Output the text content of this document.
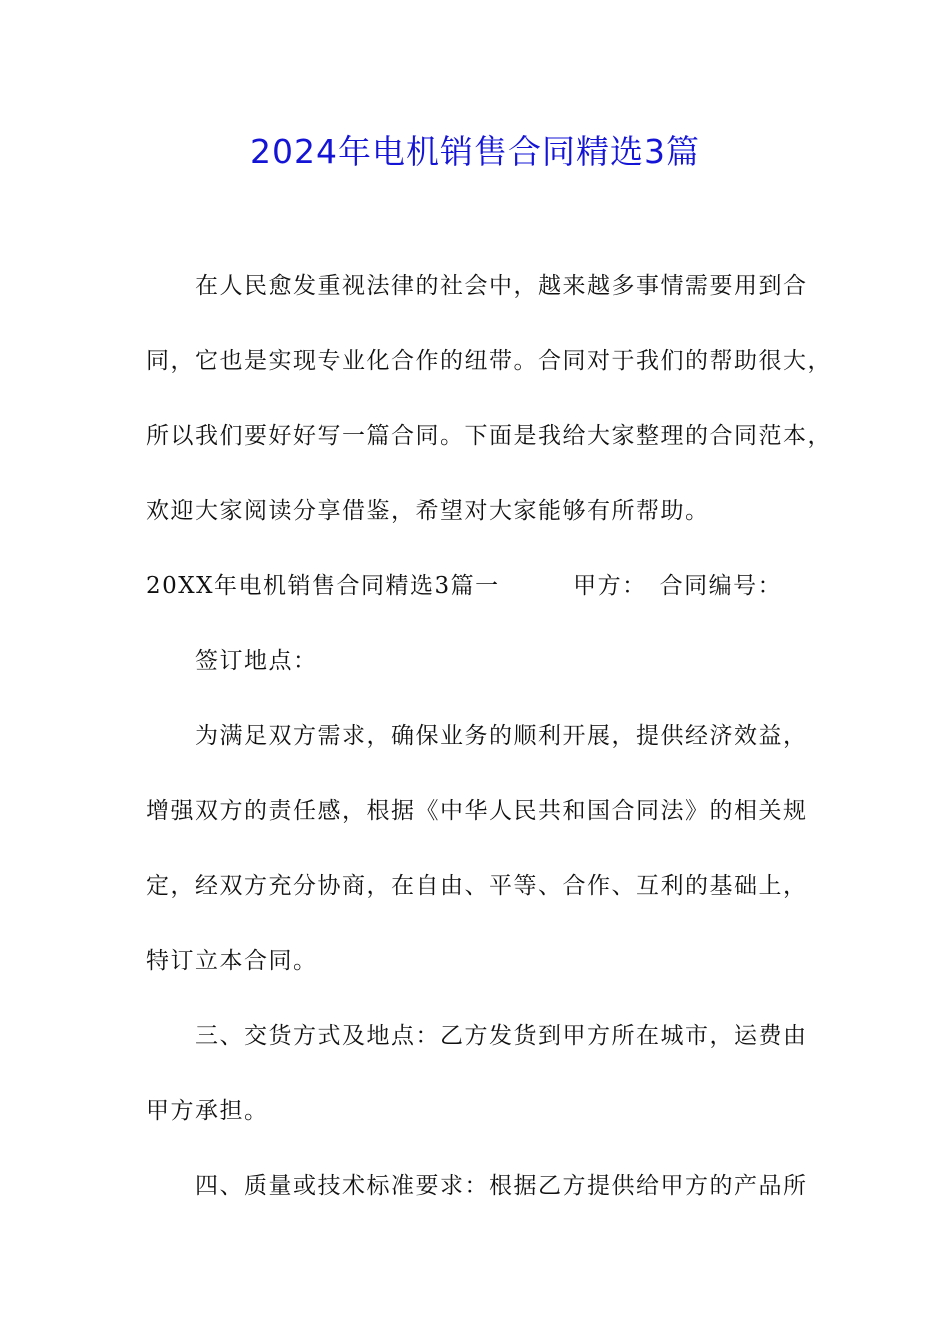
2024年电机销售合同精选3篇
在人民愈发重视法律的社会中，越来越多事情需要用到合
同，它也是实现专业化合作的纽带。合同对于我们的帮助很大，
所以我们要好好写一篇合同。下面是我给大家整理的合同范本，
欢迎大家阅读分享借鉴，希望对大家能够有所帮助。
20XX年电机销售合同精选3篇一　　　甲方：　合同编号：
签订地点：
为满足双方需求，确保业务的顺利开展，提供经济效益，
增强双方的责任感，根据《中华人民共和国合同法》的相关规
定，经双方充分协商，在自由、平等、合作、互利的基础上，
特订立本合同。
三、交货方式及地点：乙方发货到甲方所在城市，运费由
甲方承担。
四、质量或技术标准要求：根据乙方提供给甲方的产品所
